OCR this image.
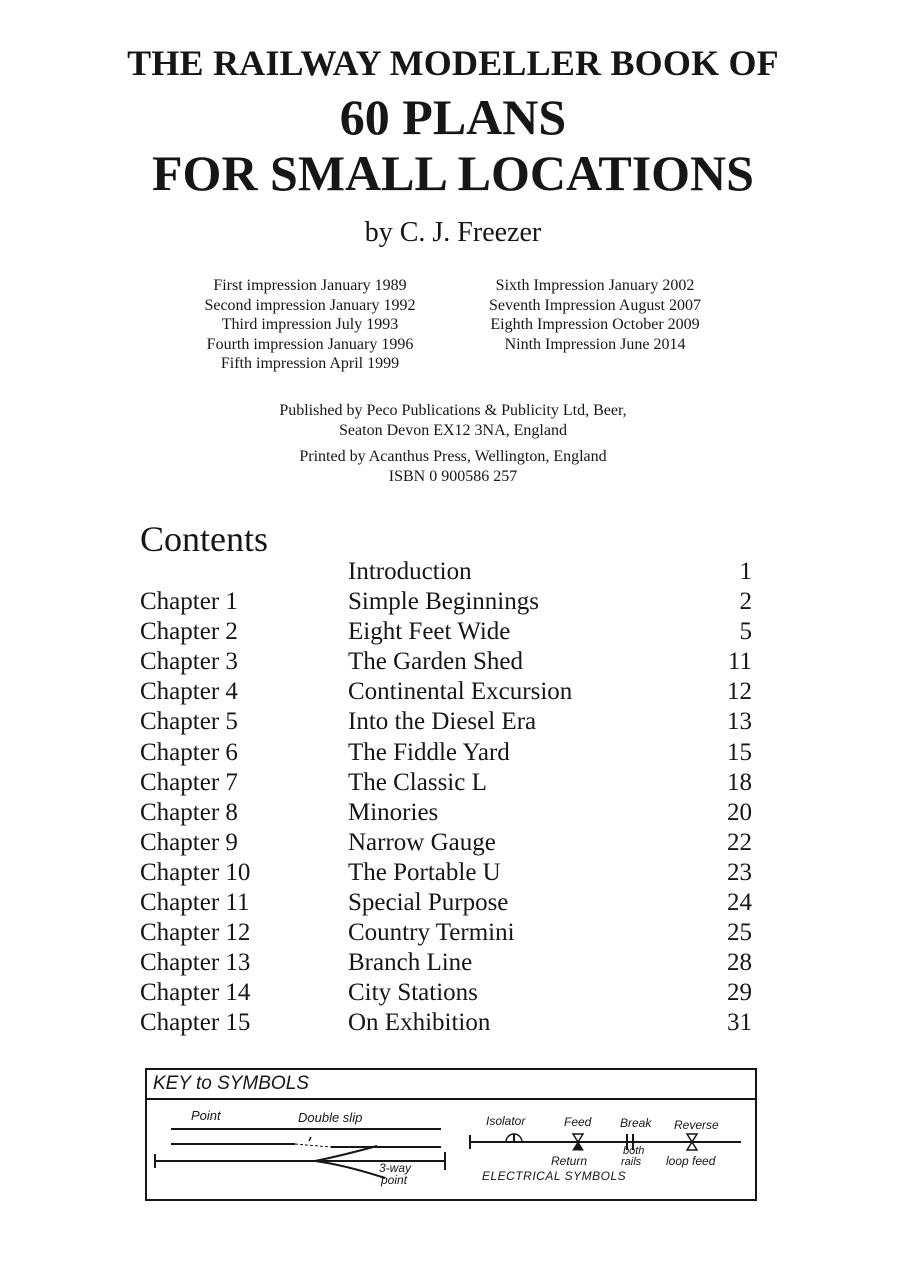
THE RAILWAY MODELLER BOOK OF
60 PLANS
FOR SMALL LOCATIONS
by C. J. Freezer
First impression January 1989
Second impression January 1992
Third impression July 1993
Fourth impression January 1996
Fifth impression April 1999
Sixth Impression January 2002
Seventh Impression August 2007
Eighth Impression October 2009
Ninth Impression June 2014
Published by Peco Publications & Publicity Ltd, Beer,
Seaton Devon EX12 3NA, England
Printed by Acanthus Press, Wellington, England
ISBN 0 900586 257
Contents
Introduction	1
Chapter 1	Simple Beginnings	2
Chapter 2	Eight Feet Wide	5
Chapter 3	The Garden Shed	11
Chapter 4	Continental Excursion	12
Chapter 5	Into the Diesel Era	13
Chapter 6	The Fiddle Yard	15
Chapter 7	The Classic L	18
Chapter 8	Minories	20
Chapter 9	Narrow Gauge	22
Chapter 10	The Portable U	23
Chapter 11	Special Purpose	24
Chapter 12	Country Termini	25
Chapter 13	Branch Line	28
Chapter 14	City Stations	29
Chapter 15	On Exhibition	31
KEY to SYMBOLS
Point	Double slip
3-way
point
Isolator	Feed Break Reverse
Return
both
rails loop feed
ELECTRICAL SYMBOLS
